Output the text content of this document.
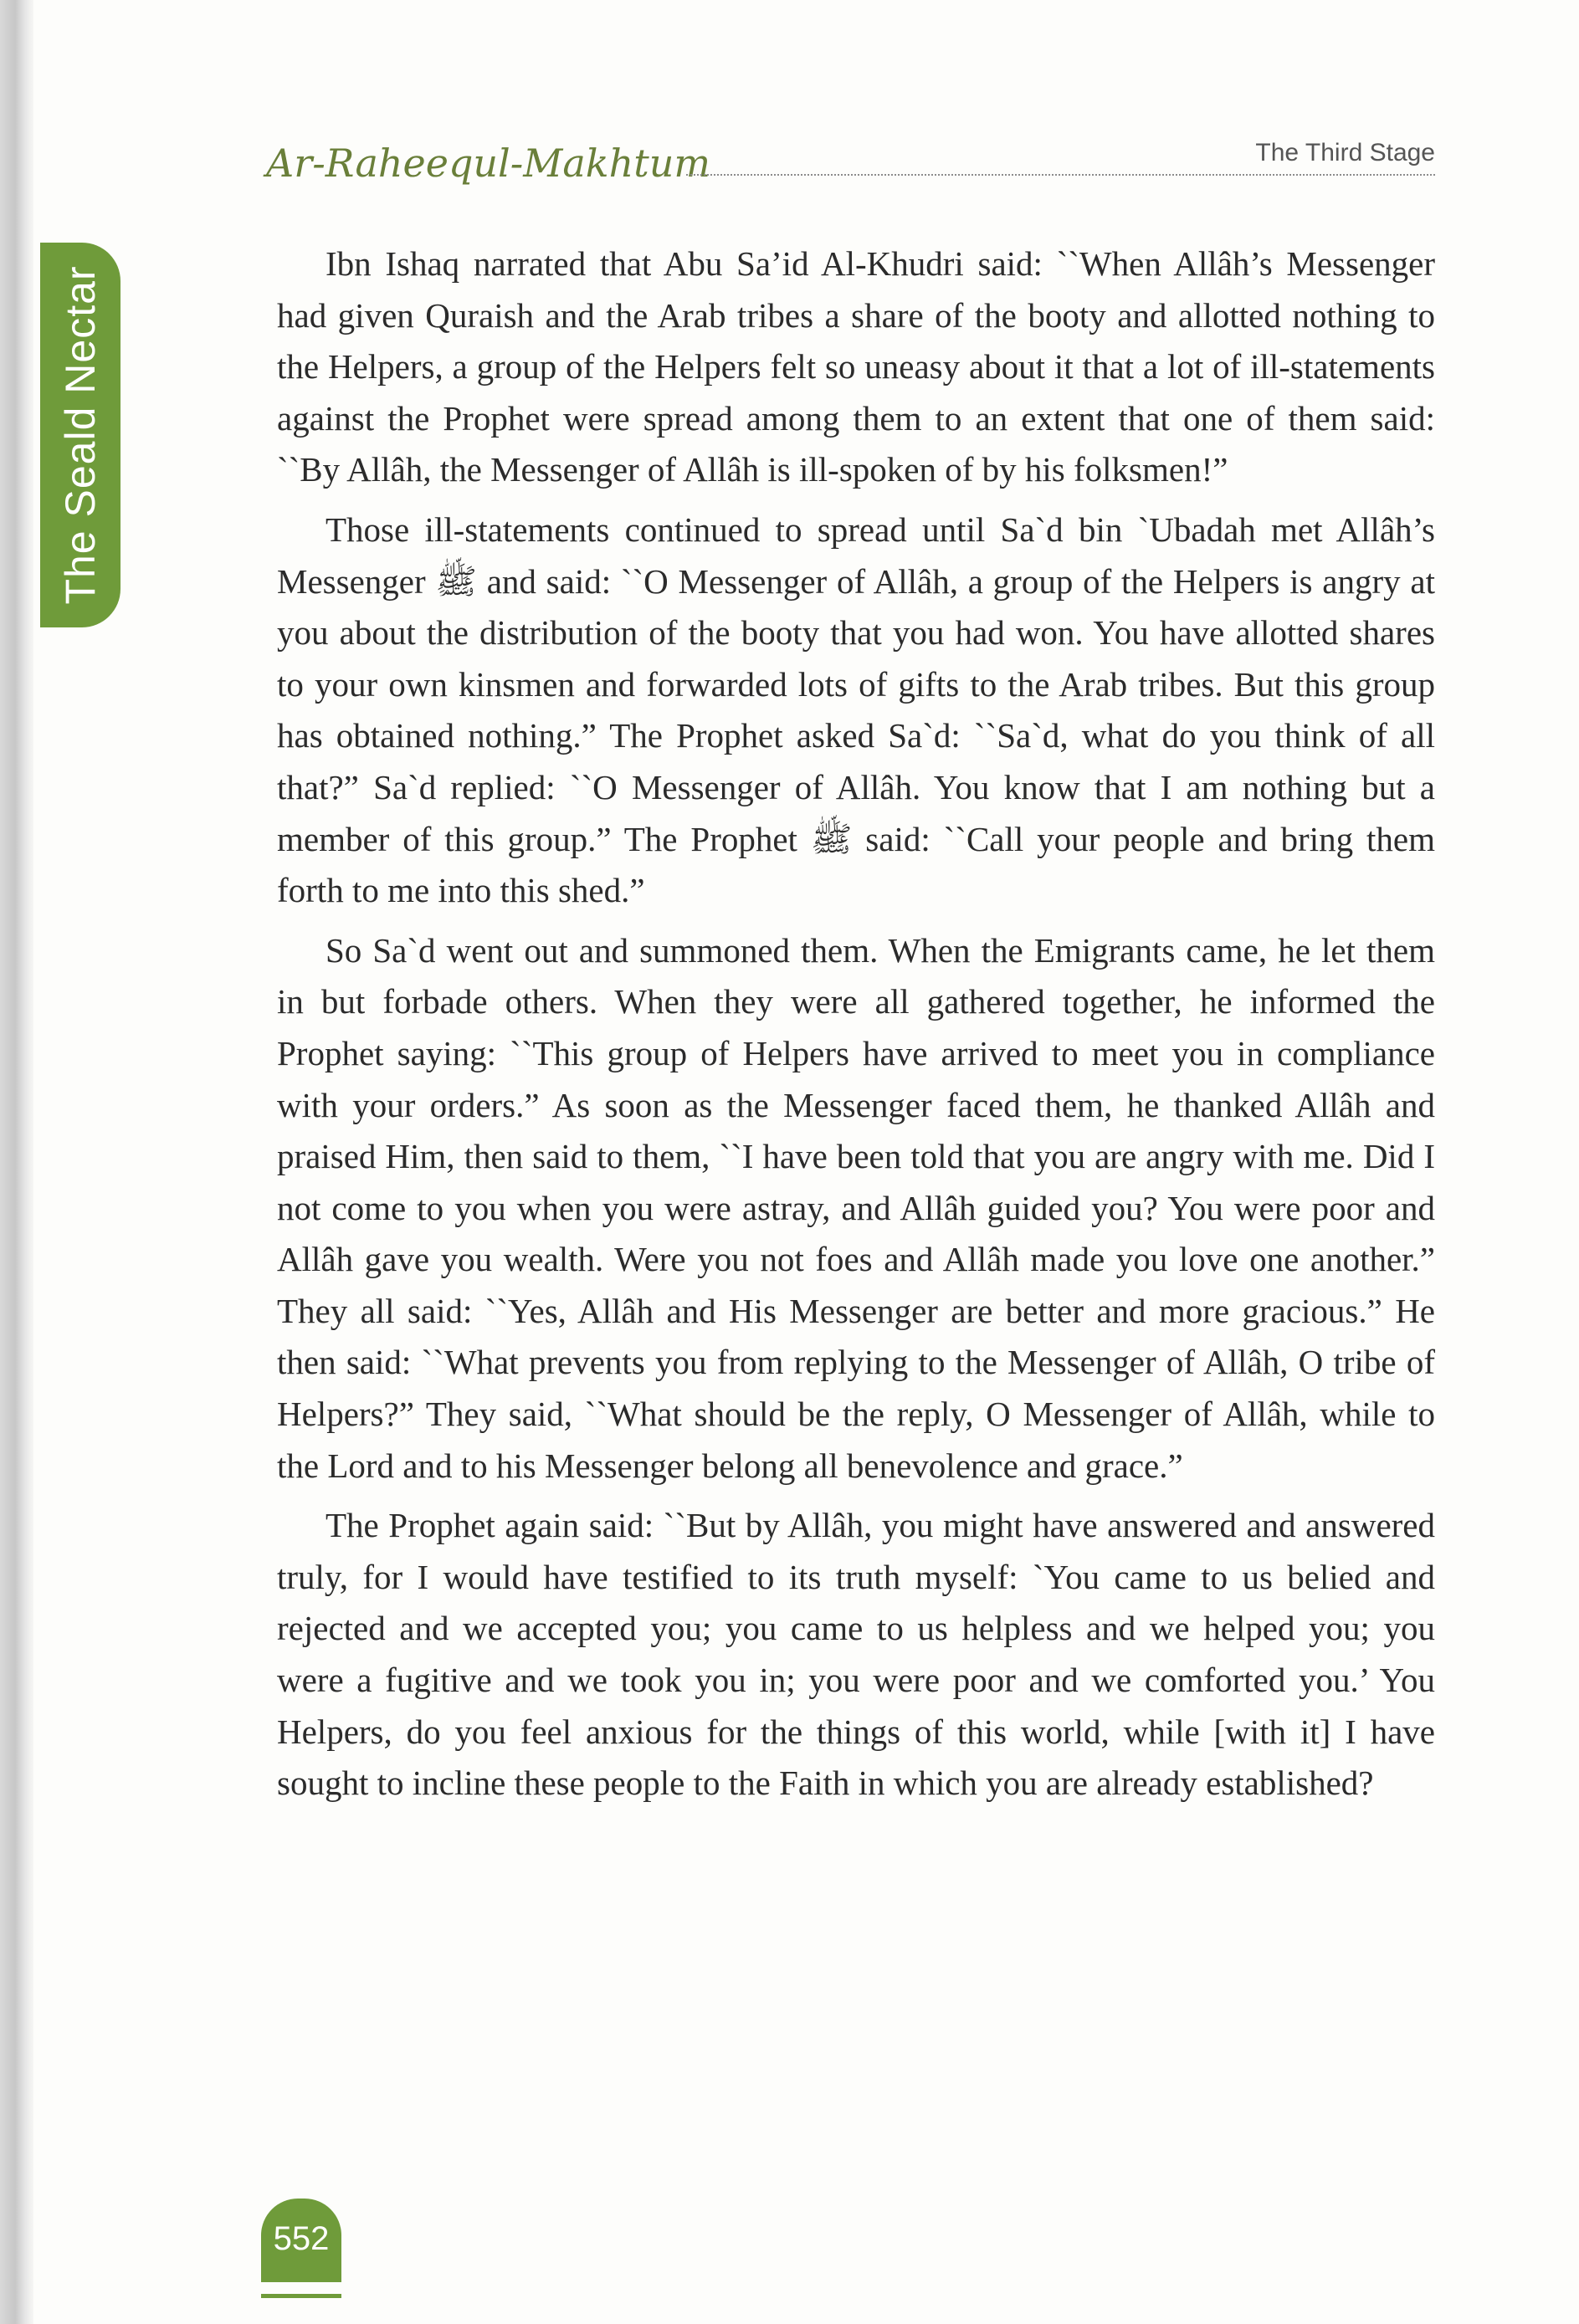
The Seald Nectar
Ar-Raheequl-Makhtum	The Third Stage

Ibn Ishaq narrated that Abu Sa’id Al-Khudri said: ``When Allâh’s Messenger had given Quraish and the Arab tribes a share of the booty and allotted nothing to the Helpers, a group of the Helpers felt so uneasy about it that a lot of ill-statements against the Prophet were spread among them to an extent that one of them said: ``By Allâh, the Messenger of Allâh is ill-spoken of by his folksmen!”

Those ill-statements continued to spread until Sa`d bin `Ubadah met Allâh’s Messenger ﷺ and said: ``O Messenger of Allâh, a group of the Helpers is angry at you about the distribution of the booty that you had won. You have allotted shares to your own kinsmen and forwarded lots of gifts to the Arab tribes. But this group has obtained nothing.” The Prophet asked Sa`d: ``Sa`d, what do you think of all that?” Sa`d replied: ``O Messenger of Allâh. You know that I am nothing but a member of this group.” The Prophet ﷺ said: ``Call your people and bring them forth to me into this shed.”

So Sa`d went out and summoned them. When the Emigrants came, he let them in but forbade others. When they were all gathered together, he informed the Prophet saying: ``This group of Helpers have arrived to meet you in compliance with your orders.” As soon as the Messenger faced them, he thanked Allâh and praised Him, then said to them, ``I have been told that you are angry with me. Did I not come to you when you were astray, and Allâh guided you? You were poor and Allâh gave you wealth. Were you not foes and Allâh made you love one another.” They all said: ``Yes, Allâh and His Messenger are better and more gracious.” He then said: ``What prevents you from replying to the Messenger of Allâh, O tribe of Helpers?” They said, ``What should be the reply, O Messenger of Allâh, while to the Lord and to his Messenger belong all benevolence and grace.”

The Prophet again said: ``But by Allâh, you might have answered and answered truly, for I would have testified to its truth myself: `You came to us belied and rejected and we accepted you; you came to us helpless and we helped you; you were a fugitive and we took you in; you were poor and we comforted you.’ You Helpers, do you feel anxious for the things of this world, while [with it] I have sought to incline these people to the Faith in which you are already established?

552
